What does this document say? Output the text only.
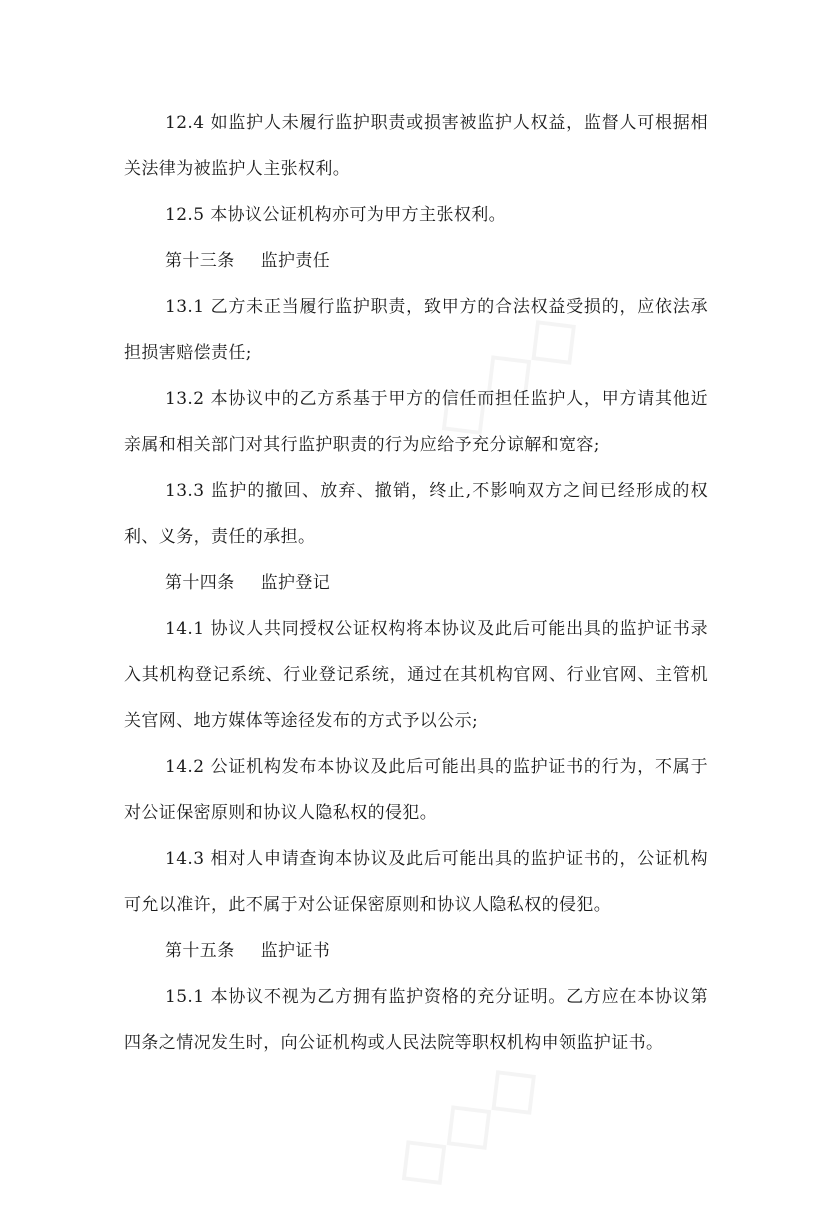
12.4 如监护人未履行监护职责或损害被监护人权益，监督人可根据相关法律为被监护人主张权利。

12.5 本协议公证机构亦可为甲方主张权利。

第十三条 监护责任

13.1 乙方未正当履行监护职责，致甲方的合法权益受损的，应依法承担损害赔偿责任;

13.2 本协议中的乙方系基于甲方的信任而担任监护人，甲方请其他近亲属和相关部门对其行监护职责的行为应给予充分谅解和宽容;

13.3 监护的撤回、放弃、撤销，终止,不影响双方之间已经形成的权利、义务，责任的承担。

第十四条 监护登记

14.1 协议人共同授权公证权构将本协议及此后可能出具的监护证书录入其机构登记系统、行业登记系统，通过在其机构官网、行业官网、主管机关官网、地方媒体等途径发布的方式予以公示;

14.2 公证机构发布本协议及此后可能出具的监护证书的行为，不属于对公证保密原则和协议人隐私权的侵犯。

14.3 相对人申请查询本协议及此后可能出具的监护证书的，公证机构可允以准许，此不属于对公证保密原则和协议人隐私权的侵犯。

第十五条 监护证书

15.1 本协议不视为乙方拥有监护资格的充分证明。乙方应在本协议第四条之情况发生时，向公证机构或人民法院等职权机构申领监护证书。
